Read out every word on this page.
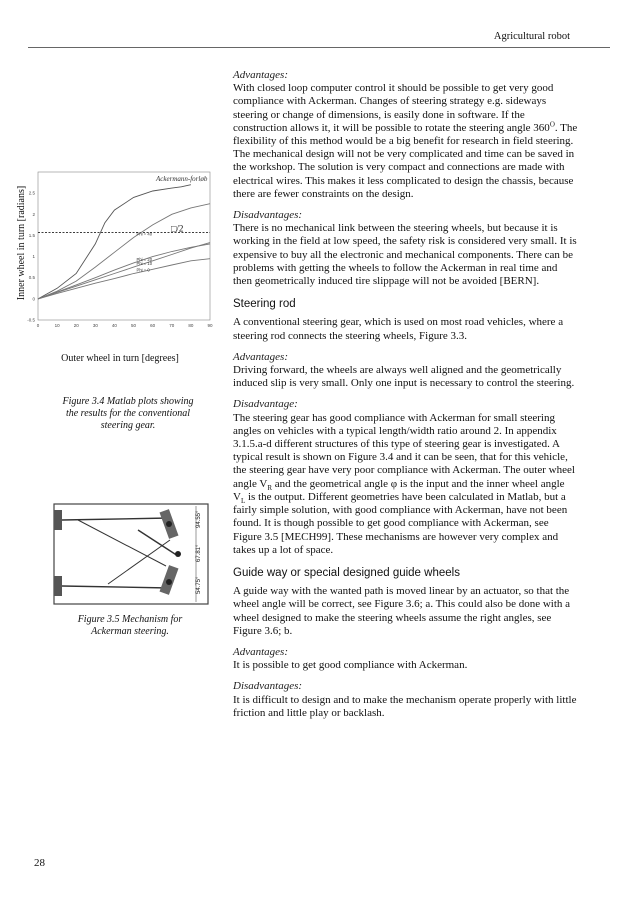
Agricultural robot
0	10	20	30	40	50	60	70	80	90
-0.5
0
0.5
1
1.5
2
2.5
□/2
Phi = 40
Phi = 20
Phi = 10
Phi = 0
Ackermann-forløb
Outer wheel in turn [degrees]
Inner wheel in turn [radians]
Figure 3.4 Matlab plots showing the results for the conventional steering gear.
94.55°
67.81°
54.75°
Figure 3.5 Mechanism for Ackerman steering.

Advantages:
With closed loop computer control it should be possible to get very good compliance with Ackerman. Changes of steering strategy e.g. sideways steering or change of dimensions, is easily done in software. If the construction allows it, it will be possible to rotate the steering angle $360^O$. The flexibility of this method would be a big benefit for research in field steering. The mechanical design will not be very complicated and time can be saved in the workshop. The solution is very compact and connections are made with electrical wires. This makes it less complicated to design the chassis, because there are fewer constraints on the design.

Disadvantages:
There is no mechanical link between the steering wheels, but because it is working in the field at low speed, the safety risk is considered very small. It is expensive to buy all the electronic and mechanical components. There can be problems with getting the wheels to follow the Ackerman in real time and then geometrically induced tire slippage will not be avoided [BERN].

Steering rod

A conventional steering gear, which is used on most road vehicles, where a steering rod connects the steering wheels, Figure 3.3.

Advantages:
Driving forward, the wheels are always well aligned and the geometrically induced slip is very small. Only one input is necessary to control the steering.

Disadvantage:
The steering gear has good compliance with Ackerman for small steering angles on vehicles with a typical length/width ratio around 2. In appendix 3.1.5.a-d different structures of this type of steering gear is investigated. A typical result is shown on Figure 3.4 and it can be seen, that for this vehicle, the steering gear have very poor compliance with Ackerman. The outer wheel angle $V_R$ and the geometrical angle φ is the input and the inner wheel angle $V_L$ is the output. Different geometries have been calculated in Matlab, but a fairly simple solution, with good compliance with Ackerman, have not been found. It is though possible to get good compliance with Ackerman, see Figure 3.5 [MECH99]. These mechanisms are however very complex and takes up a lot of space.

Guide way or special designed guide wheels

A guide way with the wanted path is moved linear by an actuator, so that the wheel angle will be correct, see Figure 3.6; a. This could also be done with a wheel designed to make the steering wheels assume the right angles, see Figure 3.6; b.

Advantages:
It is possible to get good compliance with Ackerman.

Disadvantages:
It is difficult to design and to make the mechanism operate properly with little friction and little play or backlash.

28
